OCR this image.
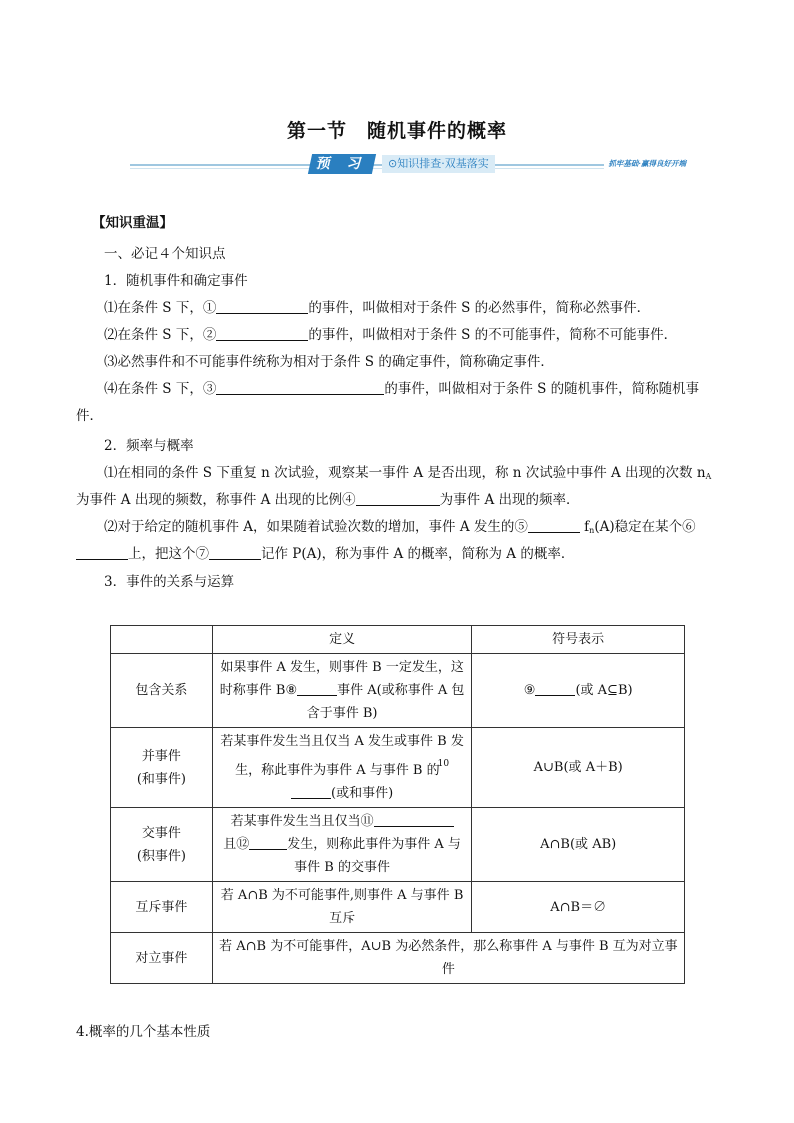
第一节　随机事件的概率
预 习	⊙知识排查·双基落实	抓牢基础·赢得良好开端
【知识重温】
一、必记４个知识点
1．随机事件和确定事件
⑴在条件 S 下，①	的事件，叫做相对于条件 S 的必然事件，简称必然事件．
⑵在条件 S 下，②	的事件，叫做相对于条件 S 的不可能事件，简称不可能事件．
⑶必然事件和不可能事件统称为相对于条件 S 的确定事件，简称确定事件．
⑷在条件 S 下，③	的事件，叫做相对于条件 S 的随机事件，简称随机事
件．
2．频率与概率
⑴在相同的条件 S 下重复 n 次试验，观察某一事件 A 是否出现，称 n 次试验中事件 A 出现的次数 $n_A$
为事件 A 出现的频数，称事件 A 出现的比例④	为事件 A 出现的频率．
⑵对于给定的随机事件 A，如果随着试验次数的增加，事件 A 发生的⑤	$f_n(A)$稳定在某个⑥
上，把这个⑦	记作 P(A)，称为事件 A 的概率，简称为 A 的概率．
3．事件的关系与运算
	定义	符号表示
包含关系	如果事件 A 发生，则事件 B 一定发生，这时称事件 B⑧ 事件 A(或称事件 A 包含于事件 B)	⑨ (或 A⊆B)
并事件
(和事件)	若某事件发生当且仅当 A 发生或事件 B 发生，称此事件为事件 A 与事件 B 的$^{10}$
(或和事件)	A∪B(或 A＋B)
交事件
(积事件)	若某事件发生当且仅当⑪
且⑫ 发生，则称此事件为事件 A 与事件 B 的交事件	A∩B(或 AB)
互斥事件	若 A∩B 为不可能事件,则事件 A 与事件 B 互斥	A∩B＝∅
对立事件	若 A∩B 为不可能事件，A∪B 为必然条件，那么称事件 A 与事件 B 互为对立事件	
4.概率的几个基本性质
